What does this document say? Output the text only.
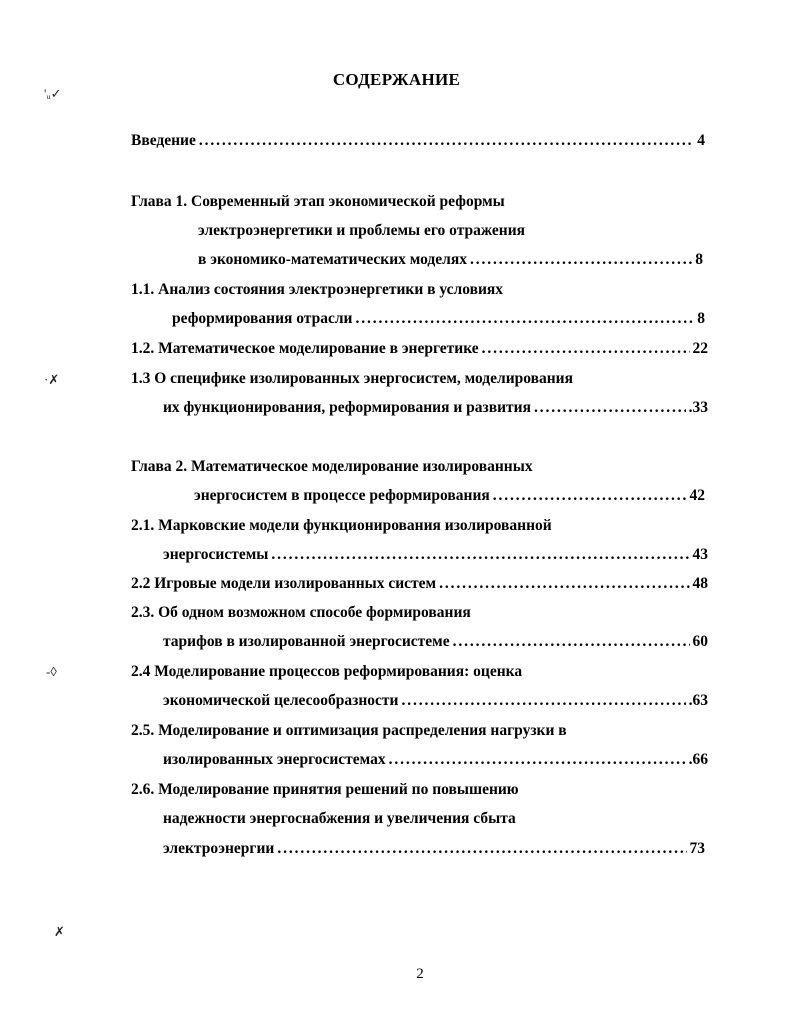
'ᵤ✓
·✗
-◊
✗
СОДЕРЖАНИЕ
Введение . . .	4
Глава 1. Современный этап экономической реформы
электроэнергетики и проблемы его отражения
в экономико-математических моделях . . .	8
1.1. Анализ состояния электроэнергетики в условиях
реформирования отрасли . . .	8
1.2. Математическое моделирование в энергетике . . .	22
1.3 О специфике изолированных энергосистем, моделирования
их функционирования, реформирования и развития . . .	.33
Глава 2. Математическое моделирование изолированных
энергосистем в процессе реформирования . . .	42
2.1. Марковские модели функционирования изолированной
энергосистемы . . .	43
2.2 Игровые модели изолированных систем . . .	48
2.3. Об одном возможном способе формирования
тарифов в изолированной энергосистеме . . .	60
2.4 Моделирование процессов реформирования: оценка
экономической целесообразности . . .	.63
2.5. Моделирование и оптимизация распределения нагрузки в
изолированных энергосистемах . . .	.66
2.6. Моделирование принятия решений по повышению
надежности энергоснабжения и увеличения сбыта
электроэнергии . . .	73
2
